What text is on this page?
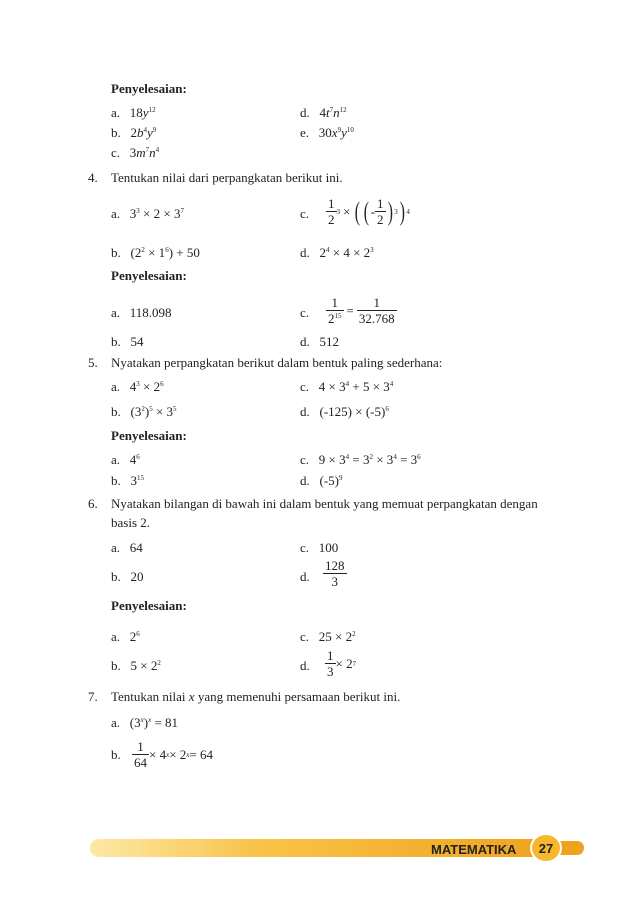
Penyelesaian:
a. $18y^{12}$	d. $4t^7n^{12}$
b. $2b^4y^9$	e. $30x^9y^{10}$
c. $3m^7n^4$
4. Tentukan nilai dari perpangkatan berikut ini.
a. $3^3 \times 2 \times 3^7$	c. $\frac{1}{2} 3$ × ( ( - $\frac{1}{2}$ ) 3 ) 4
b. $(2^2 \times 1^6) + 50$	d. $2^4 \times 4 \times 2^3$
Penyelesaian:
a. 118.098	c. $\frac{1}{2^{15}} = \frac{1}{32.768}$
b. 54	d. 512
5. Nyatakan perpangkatan berikut dalam bentuk paling sederhana:
a. $4^3 \times 2^6$	c. $4 \times 3^4 + 5 \times 3^4$
b. $(3^2)^5 \times 3^5$	d. $(-125) \times (-5)^6$
Penyelesaian:
a. $4^6$	c. $9 \times 3^4 = 3^2 \times 3^4 = 3^6$
b. $3^{15}$	d. $(-5)^9$
6. Nyatakan bilangan di bawah ini dalam bentuk yang memuat perpangkatan dengan
basis 2.
a. 64	c. 100
b. 20	d. $\frac{128}{3}$
Penyelesaian:
a. $2^6$	c. $25 \times 2^2$
b. $5 \times 2^2$	d. $\frac{1}{3} \times 2$ 7
7. Tentukan nilai x yang memenuhi persamaan berikut ini.
a. $(3^x)^x = 81$
b. $\frac{1}{64} \times 4$ x × 2 x = 64
MATEMATIKA	27
